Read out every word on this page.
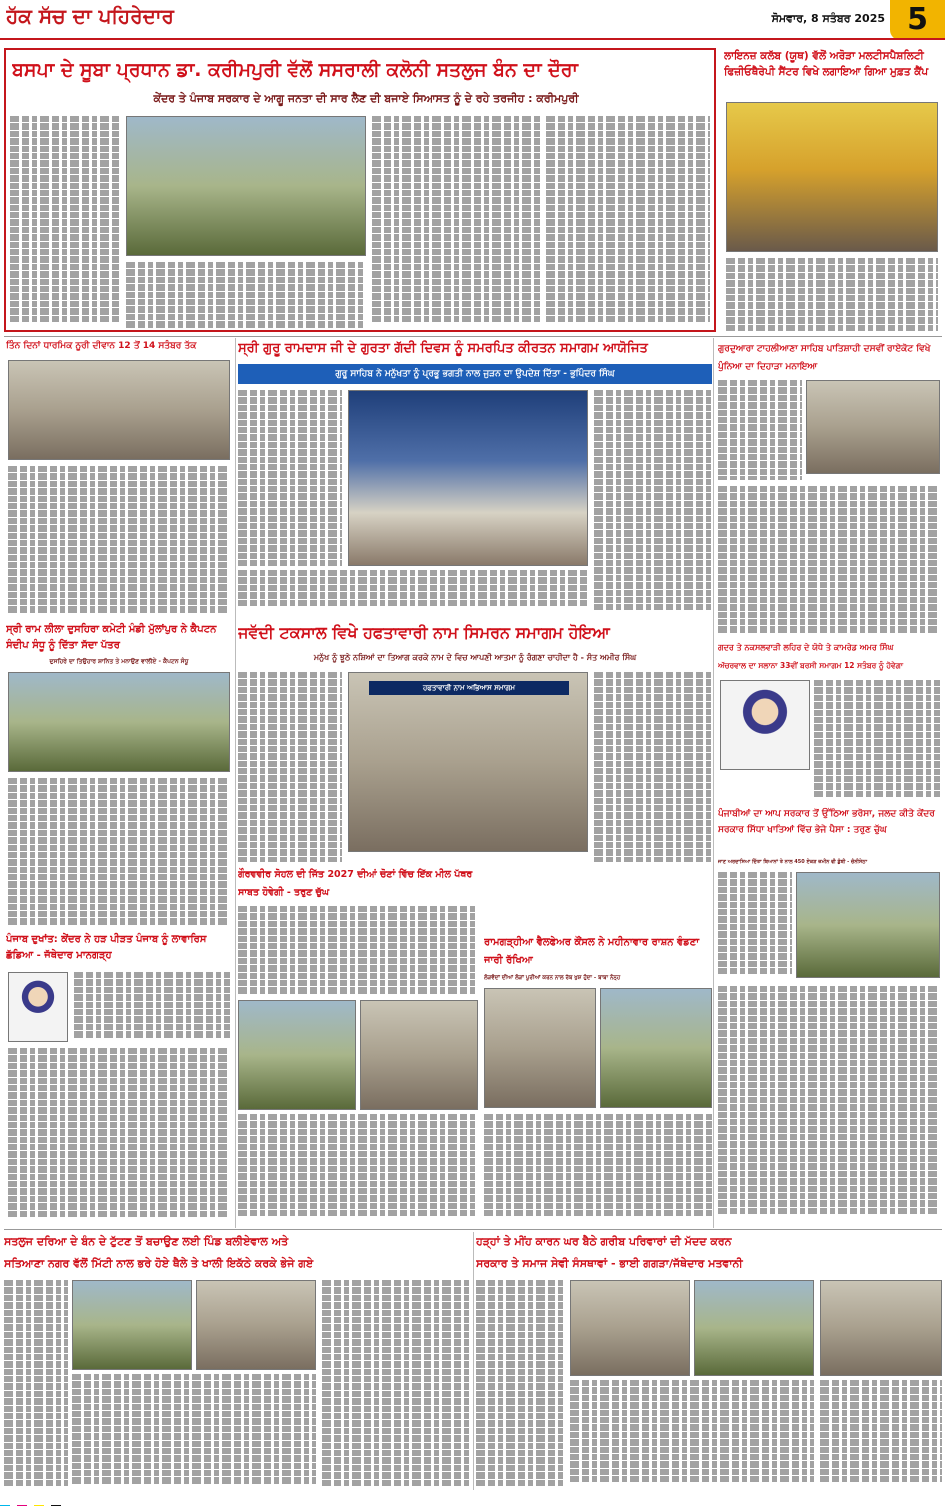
ਹੱਕ ਸੱਚ ਦਾ ਪਹਿਰੇਦਾਰ	ਸੋਮਵਾਰ, 8 ਸਤੰਬਰ 2025 5
ਬਸਪਾ ਦੇ ਸੂਬਾ ਪ੍ਰਧਾਨ ਡਾ. ਕਰੀਮਪੁਰੀ ਵੱਲੋਂ ਸਸਰਾਲੀ ਕਲੋਨੀ ਸਤਲੁਜ ਬੰਨ ਦਾ ਦੌਰਾ
ਕੇਂਦਰ ਤੇ ਪੰਜਾਬ ਸਰਕਾਰ ਦੇ ਆਗੂ ਜਨਤਾ ਦੀ ਸਾਰ ਲੈਣ ਦੀ ਬਜਾਏ ਸਿਆਸਤ ਨੂੰ ਦੇ ਰਹੇ ਤਰਜੀਹ : ਕਰੀਮਪੁਰੀ
ਲਾਇਨਜ਼ ਕਲੱਬ (ਯੂਥ) ਵੱਲੋਂ ਅਰੋੜਾ ਮਲਟੀਸਪੈਸ਼ਲਿਟੀ ਫਿਜ਼ੀਓਥੈਰੇਪੀ ਸੈਂਟਰ ਵਿਖੇ ਲਗਾਇਆ ਗਿਆ ਮੁਫ਼ਤ ਕੈਂਪ
ਤਿੰਨ ਦਿਨਾਂ ਧਾਰਮਿਕ ਨੂਰੀ ਦੀਵਾਨ 12 ਤੋਂ 14 ਸਤੰਬਰ ਤੱਕ
ਸ੍ਰੀ ਰਾਮ ਲੀਲਾ ਦੁਸਹਿਰਾ ਕਮੇਟੀ ਮੰਡੀ ਮੁੱਲਾਂਪੁਰ ਨੇ ਕੈਪਟਨ ਸੰਦੀਪ ਸੰਧੂ ਨੂੰ ਦਿੱਤਾ ਸੱਦਾ ਪੱਤਰ
ਦੁਸਹਿਰੇ ਦਾ ਤਿਉਹਾਰ ਸ਼ਾਨਿਤ ਤੇ ਮਨਾਉਣ ਵਾਲੀਏ - ਕੈਪਟਨ ਸੰਧੂ
ਪੰਜਾਬ ਦੁਖਾਂਤ: ਕੇਂਦਰ ਨੇ ਹੜ ਪੀੜਤ ਪੰਜਾਬ ਨੂੰ ਲਾਵਾਰਿਸ ਛੱਡਿਆ - ਜੱਥੇਦਾਰ ਮਾਨਗੜ੍ਹ
ਸ੍ਰੀ ਗੁਰੂ ਰਾਮਦਾਸ ਜੀ ਦੇ ਗੁਰਤਾ ਗੱਦੀ ਦਿਵਸ ਨੂੰ ਸਮਰਪਿਤ ਕੀਰਤਨ ਸਮਾਗਮ ਆਯੋਜਿਤ
ਗੁਰੂ ਸਾਹਿਬ ਨੇ ਮਨੁੱਖਤਾ ਨੂੰ ਪ੍ਰਭੂ ਭਗਤੀ ਨਾਲ ਜੁੜਨ ਦਾ ਉਪਦੇਸ਼ ਦਿੱਤਾ - ਭੁਪਿੰਦਰ ਸਿੰਘ
ਜਵੱਦੀ ਟਕਸਾਲ ਵਿਖੇ ਹਫਤਾਵਾਰੀ ਨਾਮ ਸਿਮਰਨ ਸਮਾਗਮ ਹੋਇਆ
ਮਨੁੱਖ ਨੂੰ ਝੂਠੇ ਨਸ਼ਿਆਂ ਦਾ ਤਿਆਗ ਕਰਕੇ ਨਾਮ ਦੇ ਵਿਚ ਆਪਣੀ ਆਤਮਾ ਨੂੰ ਰੰਗਣਾ ਚਾਹੀਦਾ ਹੈ - ਸੰਤ ਅਮੀਰ ਸਿੰਘ
ਹਫਤਾਵਾਰੀ ਨਾਮ ਅਭਿਆਸ ਸਮਾਗਮ
ਗੌਰਵਵੀਰ ਸੋਹਲ ਦੀ ਜਿੱਤ 2027 ਦੀਆਂ ਚੋਣਾਂ ਵਿੱਚ ਇੱਕ ਮੀਲ ਪੱਥਰ ਸਾਬਤ ਹੋਵੇਗੀ - ਤਰੁਣ ਚੁੱਘ
ਰਾਮਗੜ੍ਹੀਆ ਵੈਲਫੇਅਰ ਕੌਂਸਲ ਨੇ ਮਹੀਨਾਵਾਰ ਰਾਸ਼ਨ ਵੰਡਣਾ ਜਾਰੀ ਰੱਖਿਆ
ਲੋੜਵੰਦਾਂ ਦੀਆਂ ਲੋੜਾਂ ਪੂਰੀਆਂ ਕਰਨ ਨਾਲ ਰੱਬ ਖੁਸ਼ ਹੁੰਦਾ - ਬਾਬਾ ਨੰਨ੍ਹ
ਗੁਰਦੁਆਰਾ ਟਾਹਲੀਆਣਾ ਸਾਹਿਬ ਪਾਤਿਸ਼ਾਹੀ ਦਸਵੀਂ ਰਾਏਕੋਟ ਵਿਖੇ ਪੁੰਨਿਆ ਦਾ ਦਿਹਾੜਾ ਮਨਾਇਆ
ਗਦਰ ਤੇ ਨਕਸਲਵਾੜੀ ਲਹਿਰ ਦੇ ਯੋਧੇ ਤੇ ਕਾਮਰੇਡ ਅਮਰ ਸਿੰਘ
ਅੱਚਰਵਾਲ ਦਾ ਸਲਾਨਾ 33ਵੀਂ ਬਰਸੀ ਸਮਾਗਮ 12 ਸਤੰਬਰ ਨੂੰ ਹੋਵੇਗਾ
ਪੰਜਾਬੀਆਂ ਦਾ ਆਪ ਸਰਕਾਰ ਤੋਂ ਉੱਠਿਆ ਭਰੋਸਾ, ਜਲਦ ਕੀਤੇ ਕੇਂਦਰ ਸਰਕਾਰ ਸਿੱਧਾ ਖਾਤਿਆਂ ਵਿੱਚ ਭੇਜੇ ਪੈਸਾ : ਤਰੁਣ ਚੁੱਘ
ਜਾਣ ਅਰਦਾਸਿਆ ਦਿੱਤਾ ਬਿਆਨਾਂ ਤੇ ਨਾਲ 450 ਏਕੜ ਜ਼ਮੀਨ ਵੀ ਡੁੱਬੀ - ਚੰਨੀਸੇਠਾ
ਸਤਲੁਜ ਦਰਿਆ ਦੇ ਬੰਨ ਦੇ ਟੁੱਟਣ ਤੋਂ ਬਚਾਉਣ ਲਈ ਪਿੰਡ ਬਲੀਏਵਾਲ ਅਤੇ
ਸਤਿਆਣਾ ਨਗਰ ਵੱਲੋਂ ਮਿੱਟੀ ਨਾਲ ਭਰੇ ਹੋਏ ਥੈਲੇ ਤੇ ਖਾਲੀ ਇਕੱਠੇ ਕਰਕੇ ਭੇਜੇ ਗਏ
ਹੜ੍ਹਾਂ ਤੇ ਮੀਂਹ ਕਾਰਨ ਘਰ ਬੈਠੇ ਗਰੀਬ ਪਰਿਵਾਰਾਂ ਦੀ ਮੱਦਦ ਕਰਨ
ਸਰਕਾਰ ਤੇ ਸਮਾਜ ਸੇਵੀ ਸੰਸਥਾਵਾਂ - ਭਾਈ ਗਗੜਾ/ਜੱਥੇਦਾਰ ਮਤਵਾਨੀ
